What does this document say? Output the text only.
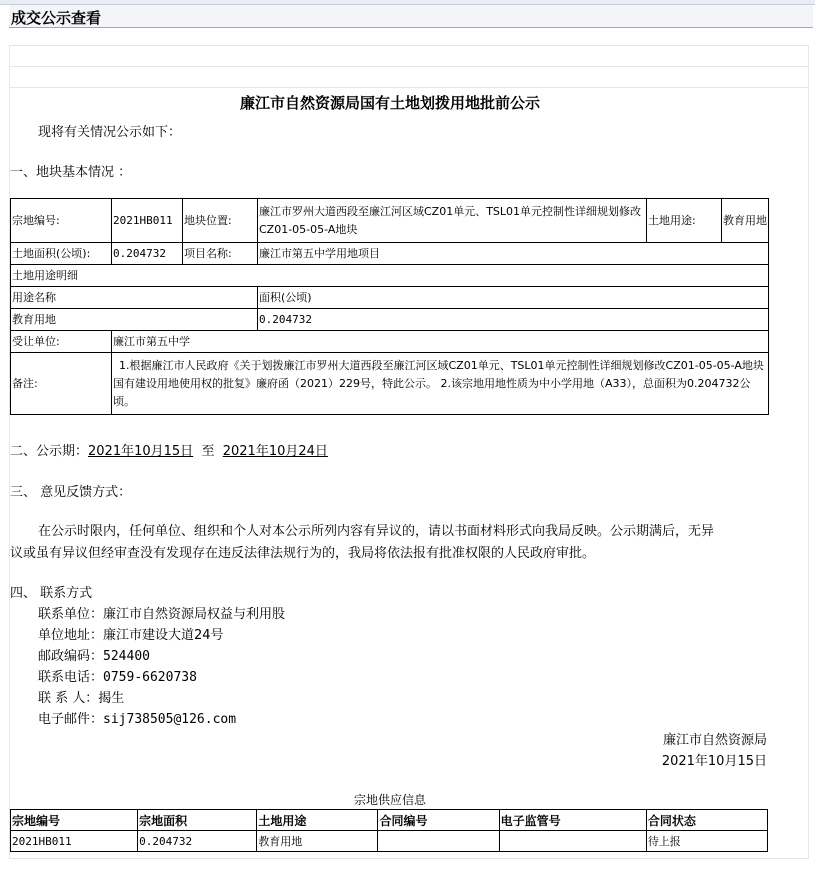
成交公示查看
廉江市自然资源局国有土地划拨用地批前公示
现将有关情况公示如下：
一、地块基本情况 ：
宗地编号:	2021HB011	地块位置:	廉江市罗州大道西段至廉江河区域CZ01单元、TSL01单元控制性详细规划修改CZ01-05-05-A地块	土地用途:	教育用地
土地面积(公顷):	0.204732	项目名称:	廉江市第五中学用地项目		
土地用途明细					
用途名称			面积(公顷)		
教育用地			0.204732		
受让单位:	廉江市第五中学				
备注:	1.根据廉江市人民政府《关于划拨廉江市罗州大道西段至廉江河区域CZ01单元、TSL01单元控制性详细规划修改CZ01-05-05-A地块国有建设用地使用权的批复》廉府函（2021）229号，特此公示。 2.该宗地用地性质为中小学用地（A33），总面积为0.204732公顷。				
二、公示期：2021年10月15日 至 2021年10月24日
三、 意见反馈方式：
在公示时限内，任何单位、组织和个人对本公示所列内容有异议的，请以书面材料形式向我局反映。公示期满后，无异
议或虽有异议但经审查没有发现存在违反法律法规行为的，我局将依法报有批准权限的人民政府审批。
四、 联系方式
联系单位：廉江市自然资源局权益与利用股
单位地址：廉江市建设大道24号
邮政编码：524400
联系电话：0759-6620738
联 系 人：揭生
电子邮件：sij738505@126.com
廉江市自然资源局
2021年10月15日
宗地供应信息
宗地编号	宗地面积	土地用途	合同编号	电子监管号	合同状态
2021HB011	0.204732	教育用地			待上报
